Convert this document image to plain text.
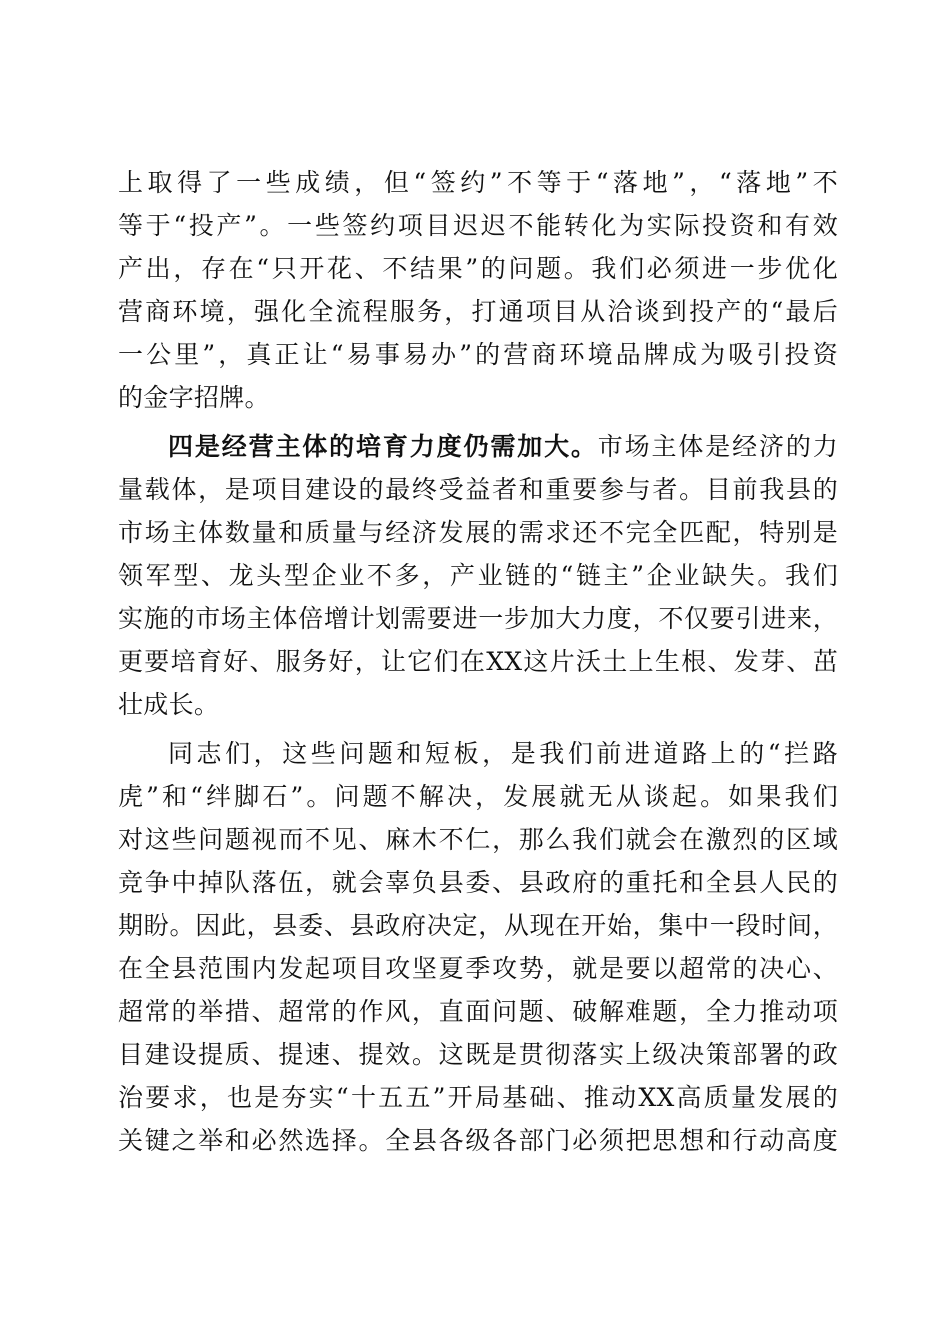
上取得了一些成绩，但“签约”不等于“落地”，“落地”不
等于“投产”。一些签约项目迟迟不能转化为实际投资和有效
产出，存在“只开花、不结果”的问题。我们必须进一步优化
营商环境，强化全流程服务，打通项目从洽谈到投产的“最后
一公里”，真正让“易事易办”的营商环境品牌成为吸引投资
的金字招牌。
四是经营主体的培育力度仍需加大。市场主体是经济的力
量载体，是项目建设的最终受益者和重要参与者。目前我县的
市场主体数量和质量与经济发展的需求还不完全匹配，特别是
领军型、龙头型企业不多，产业链的“链主”企业缺失。我们
实施的市场主体倍增计划需要进一步加大力度，不仅要引进来，
更要培育好、服务好，让它们在XX这片沃土上生根、发芽、茁
壮成长。
同志们，这些问题和短板，是我们前进道路上的“拦路
虎”和“绊脚石”。问题不解决，发展就无从谈起。如果我们
对这些问题视而不见、麻木不仁，那么我们就会在激烈的区域
竞争中掉队落伍，就会辜负县委、县政府的重托和全县人民的
期盼。因此，县委、县政府决定，从现在开始，集中一段时间，
在全县范围内发起项目攻坚夏季攻势，就是要以超常的决心、
超常的举措、超常的作风，直面问题、破解难题，全力推动项
目建设提质、提速、提效。这既是贯彻落实上级决策部署的政
治要求，也是夯实“十五五”开局基础、推动XX高质量发展的
关键之举和必然选择。全县各级各部门必须把思想和行动高度
